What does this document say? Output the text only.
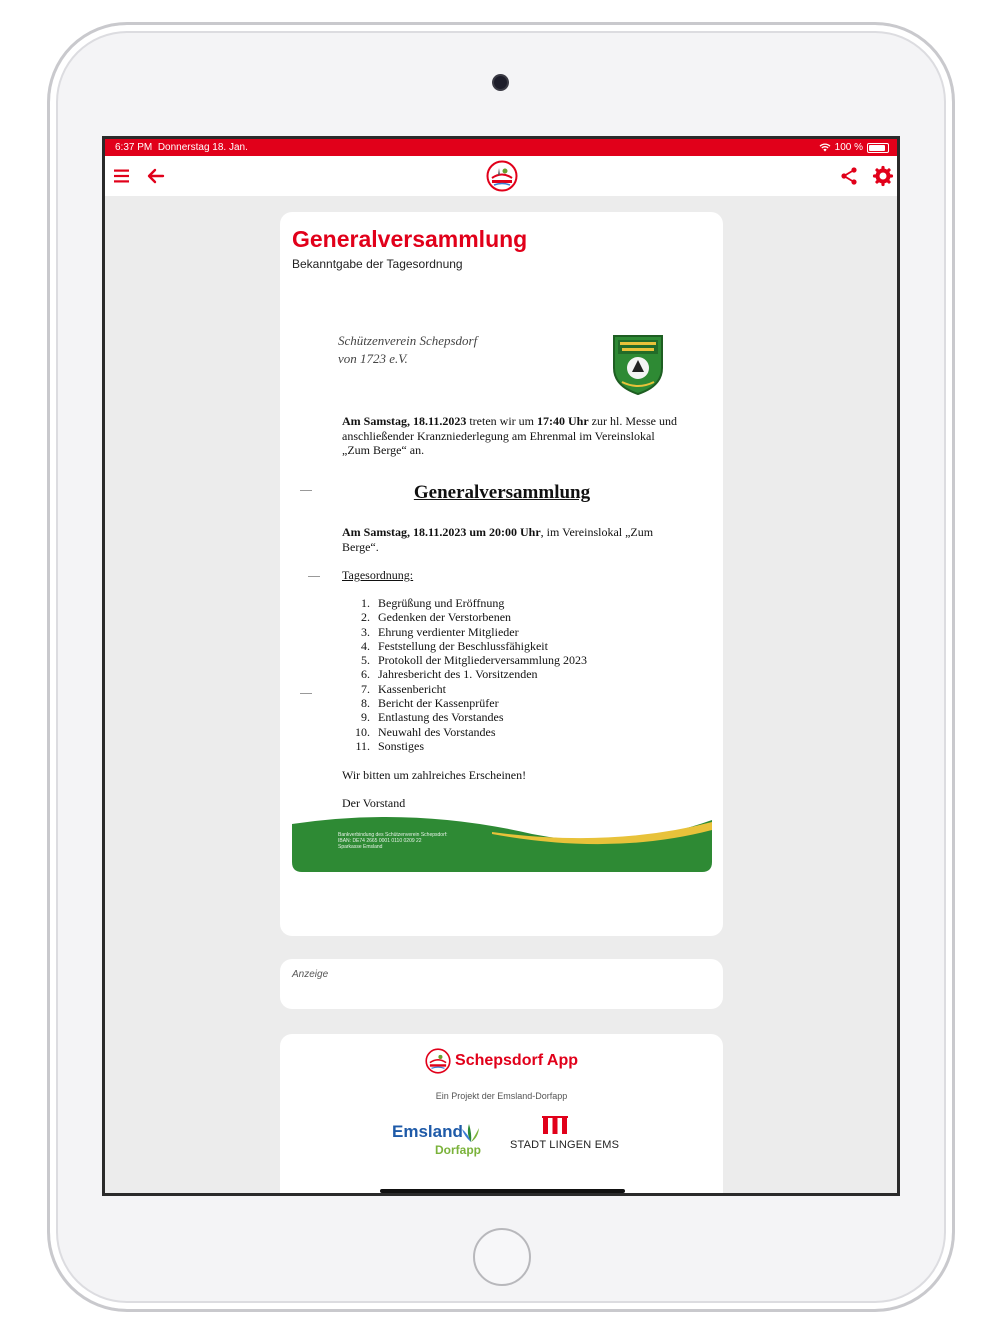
6:37 PM Donnerstag 18. Jan.	100 %
Generalversammlung
Bekanntgabe der Tagesordnung
Schützenverein Schepsdorf
von 1723 e.V.
Am Samstag, 18.11.2023 treten wir um 17:40 Uhr zur hl. Messe und anschließender Kranzniederlegung am Ehrenmal im Vereinslokal „Zum Berge“ an.
Generalversammlung
Am Samstag, 18.11.2023 um 20:00 Uhr, im Vereinslokal „Zum Berge“.
Tagesordnung:
1. Begrüßung und Eröffnung
2. Gedenken der Verstorbenen
3. Ehrung verdienter Mitglieder
4. Feststellung der Beschlussfähigkeit
5. Protokoll der Mitgliederversammlung 2023
6. Jahresbericht des 1. Vorsitzenden
7. Kassenbericht
8. Bericht der Kassenprüfer
9. Entlastung des Vorstandes
10. Neuwahl des Vorstandes
11. Sonstiges
Wir bitten um zahlreiches Erscheinen!
Der Vorstand
Bankverbindung des Schützenverein Schepsdorf:
IBAN: DE74 2665 0001 0110 0209 22
Sparkasse Emsland
Anzeige
Schepsdorf App
Ein Projekt der Emsland-Dorfapp
Emsland
Dorfapp	STADT LINGEN EMS
